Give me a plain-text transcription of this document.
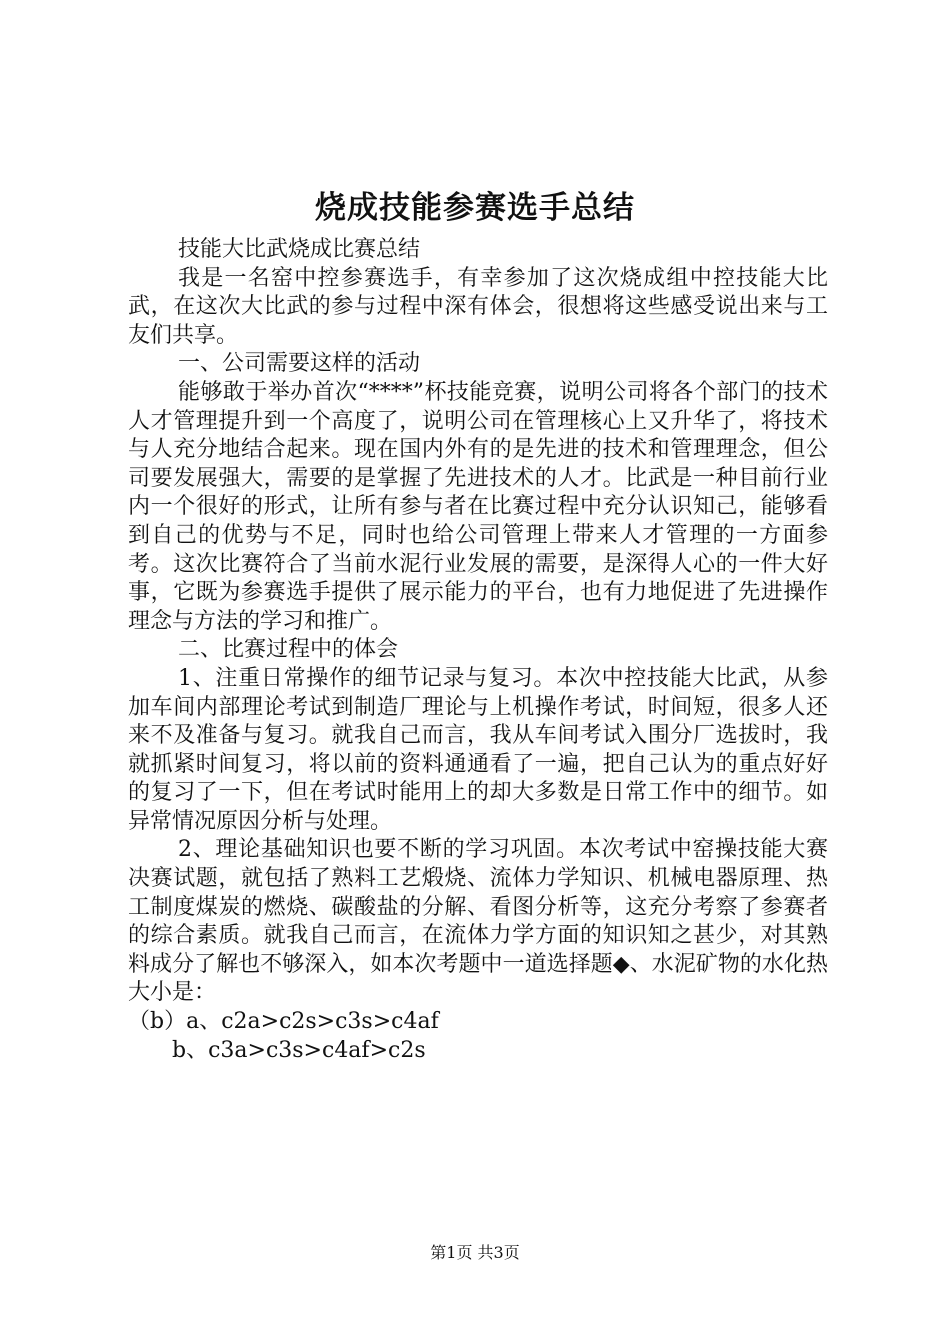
烧成技能参赛选手总结

技能大比武烧成比赛总结

我是一名窑中控参赛选手，有幸参加了这次烧成组中控技能大比武，在这次大比武的参与过程中深有体会，很想将这些感受说出来与工友们共享。

一、公司需要这样的活动

能够敢于举办首次“****”杯技能竞赛，说明公司将各个部门的技术人才管理提升到一个高度了，说明公司在管理核心上又升华了，将技术与人充分地结合起来。现在国内外有的是先进的技术和管理理念，但公司要发展强大，需要的是掌握了先进技术的人才。比武是一种目前行业内一个很好的形式，让所有参与者在比赛过程中充分认识知己，能够看到自己的优势与不足，同时也给公司管理上带来人才管理的一方面参考。这次比赛符合了当前水泥行业发展的需要，是深得人心的一件大好事，它既为参赛选手提供了展示能力的平台，也有力地促进了先进操作理念与方法的学习和推广。

二、比赛过程中的体会

1、注重日常操作的细节记录与复习。本次中控技能大比武，从参加车间内部理论考试到制造厂理论与上机操作考试，时间短，很多人还来不及准备与复习。就我自己而言，我从车间考试入围分厂选拔时，我就抓紧时间复习，将以前的资料通通看了一遍，把自己认为的重点好好的复习了一下，但在考试时能用上的却大多数是日常工作中的细节。如异常情况原因分析与处理。

2、理论基础知识也要不断的学习巩固。本次考试中窑操技能大赛决赛试题，就包括了熟料工艺煅烧、流体力学知识、机械电器原理、热工制度煤炭的燃烧、碳酸盐的分解、看图分析等，这充分考察了参赛者的综合素质。就我自己而言，在流体力学方面的知识知之甚少，对其熟料成分了解也不够深入，如本次考题中一道选择题◆、水泥矿物的水化热大小是：

（b）a、c2a>c2s>c3s>c4af

b、c3a>c3s>c4af>c2s

第1页 共3页
